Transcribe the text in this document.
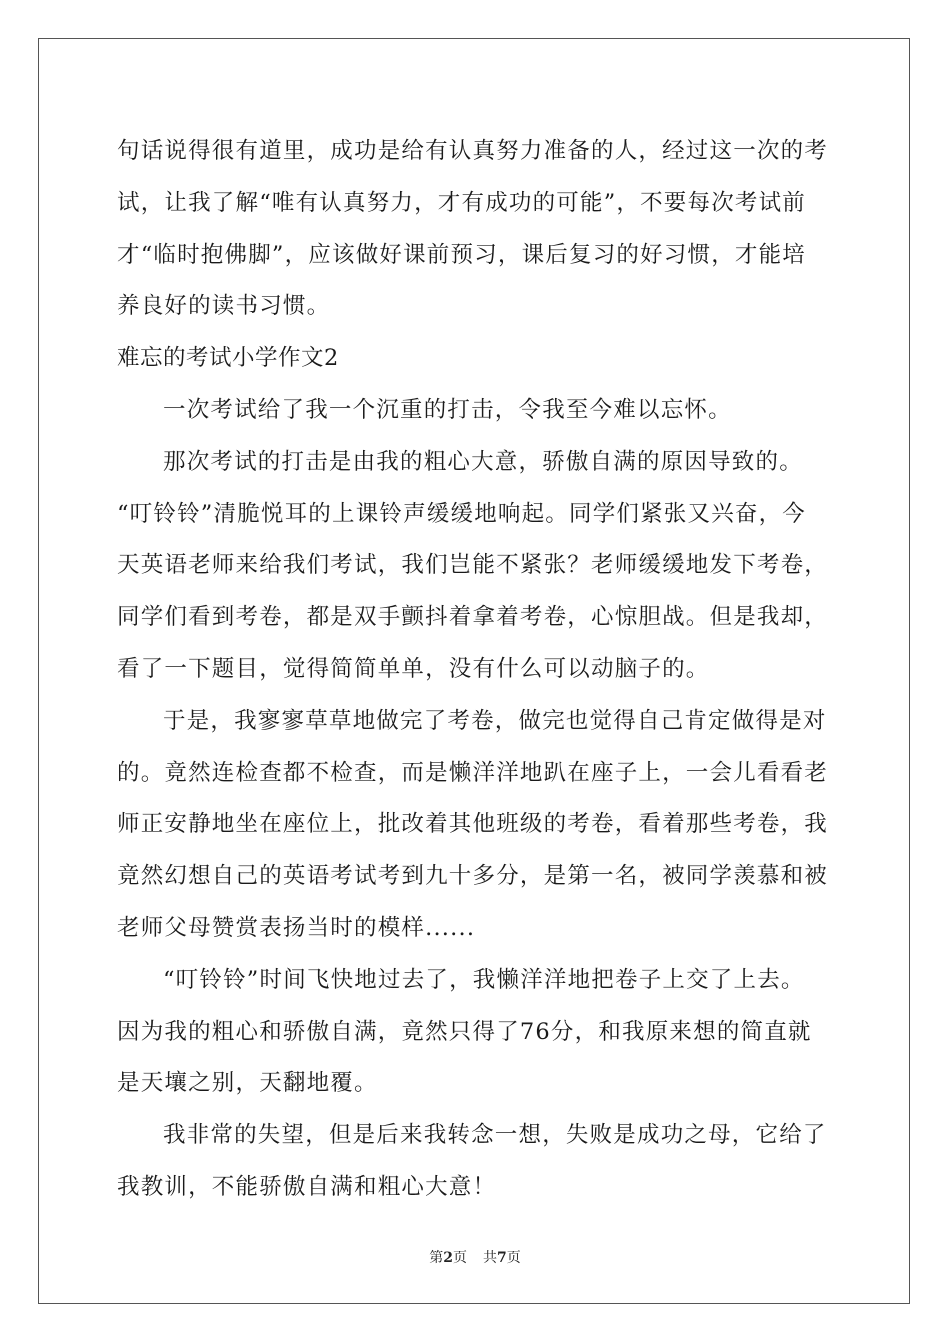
句话说得很有道里，成功是给有认真努力准备的人，经过这一次的考
试，让我了解“唯有认真努力，才有成功的可能”，不要每次考试前
才“临时抱佛脚”，应该做好课前预习，课后复习的好习惯，才能培
养良好的读书习惯。
难忘的考试小学作文2
一次考试给了我一个沉重的打击，令我至今难以忘怀。
那次考试的打击是由我的粗心大意，骄傲自满的原因导致的。
“叮铃铃”清脆悦耳的上课铃声缓缓地响起。同学们紧张又兴奋，今
天英语老师来给我们考试，我们岂能不紧张？老师缓缓地发下考卷，
同学们看到考卷，都是双手颤抖着拿着考卷，心惊胆战。但是我却，
看了一下题目，觉得简简单单，没有什么可以动脑子的。
于是，我寥寥草草地做完了考卷，做完也觉得自己肯定做得是对
的。竟然连检查都不检查，而是懒洋洋地趴在座子上，一会儿看看老
师正安静地坐在座位上，批改着其他班级的考卷，看着那些考卷，我
竟然幻想自己的英语考试考到九十多分，是第一名，被同学羡慕和被
老师父母赞赏表扬当时的模样......
“叮铃铃”时间飞快地过去了，我懒洋洋地把卷子上交了上去。
因为我的粗心和骄傲自满，竟然只得了76分，和我原来想的简直就
是天壤之别，天翻地覆。
我非常的失望，但是后来我转念一想，失败是成功之母，它给了
我教训，不能骄傲自满和粗心大意！
第2页 共7页
